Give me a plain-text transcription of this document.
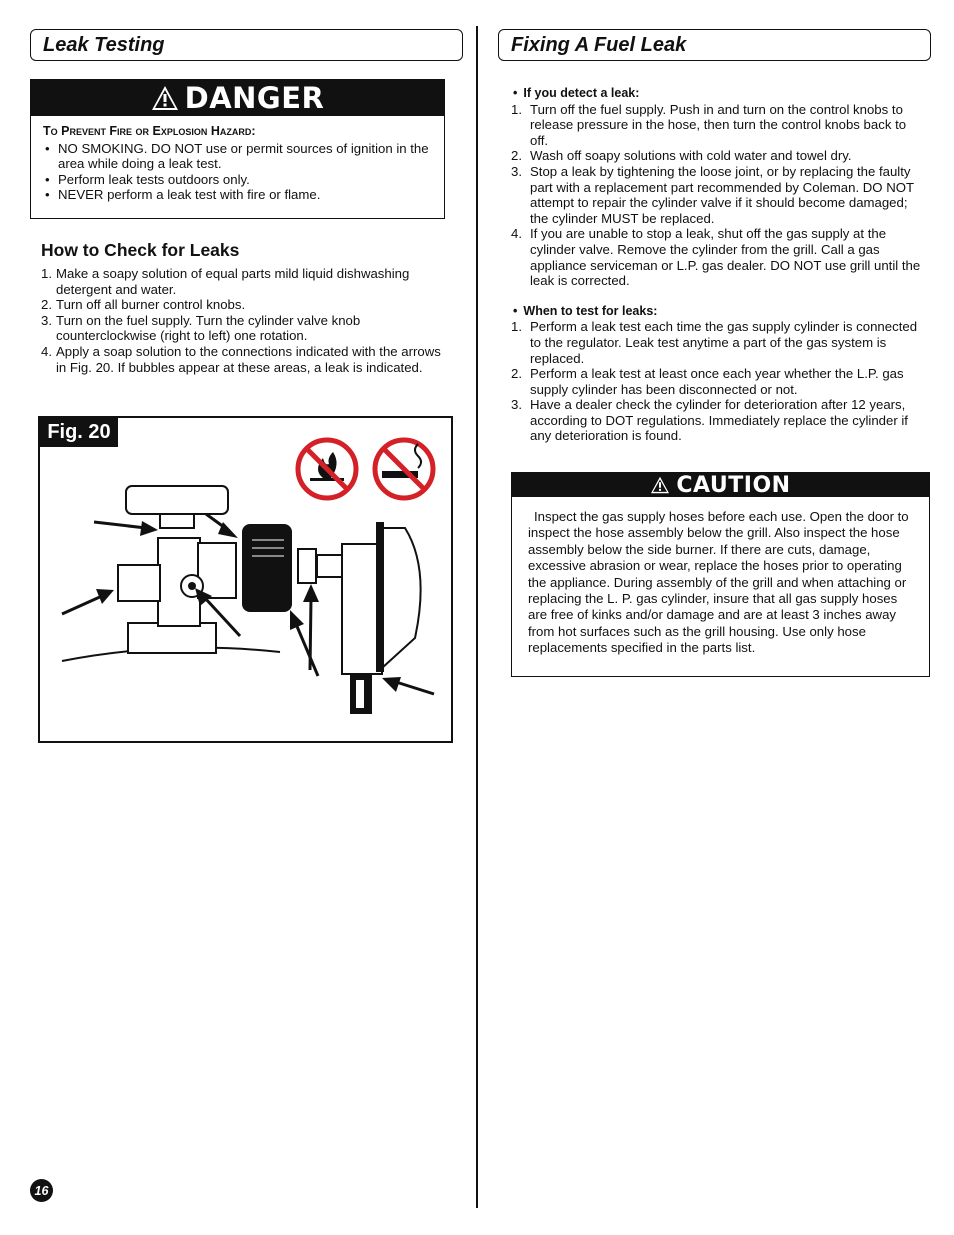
Leak Testing	Fixing A Fuel Leak
DANGER
To Prevent Fire or Explosion Hazard:
• NO SMOKING. DO NOT use or permit sources of ignition in the area while doing a leak test.
• Perform leak tests outdoors only.
• NEVER perform a leak test with fire or flame.
How to Check for Leaks
1. Make a soapy solution of equal parts mild liquid dishwashing detergent and water.
2. Turn off all burner control knobs.
3. Turn on the fuel supply. Turn the cylinder valve knob counterclockwise (right to left) one rotation.
4. Apply a soap solution to the connections indicated with the arrows in Fig. 20. If bubbles appear at these areas, a leak is indicated.
Fig. 20
• If you detect a leak:
1. Turn off the fuel supply. Push in and turn on the control knobs to release pressure in the hose, then turn the control knobs back to off.
2. Wash off soapy solutions with cold water and towel dry.
3. Stop a leak by tightening the loose joint, or by replacing the faulty part with a replacement part recommended by Coleman. DO NOT attempt to repair the cylinder valve if it should become damaged; the cylinder MUST be replaced.
4. If you are unable to stop a leak, shut off the gas supply at the cylinder valve. Remove the cylinder from the grill. Call a gas appliance serviceman or L.P. gas dealer. DO NOT use grill until the leak is corrected.
• When to test for leaks:
1. Perform a leak test each time the gas supply cylinder is connected to the regulator. Leak test anytime a part of the gas system is replaced.
2. Perform a leak test at least once each year whether the L.P. gas supply cylinder has been disconnected or not.
3. Have a dealer check the cylinder for deterioration after 12 years, according to DOT regulations. Immediately replace the cylinder if any deterioration is found.
CAUTION
Inspect the gas supply hoses before each use. Open the door to inspect the hose assembly below the grill. Also inspect the hose assembly below the side burner. If there are cuts, damage, excessive abrasion or wear, replace the hoses prior to operating the appliance. During assembly of the grill and when attaching or replacing the L. P. gas cylinder, insure that all gas supply hoses are free of kinks and/or damage and are at least 3 inches away from hot surfaces such as the grill housing. Use only hose replacements specified in the parts list.
16
